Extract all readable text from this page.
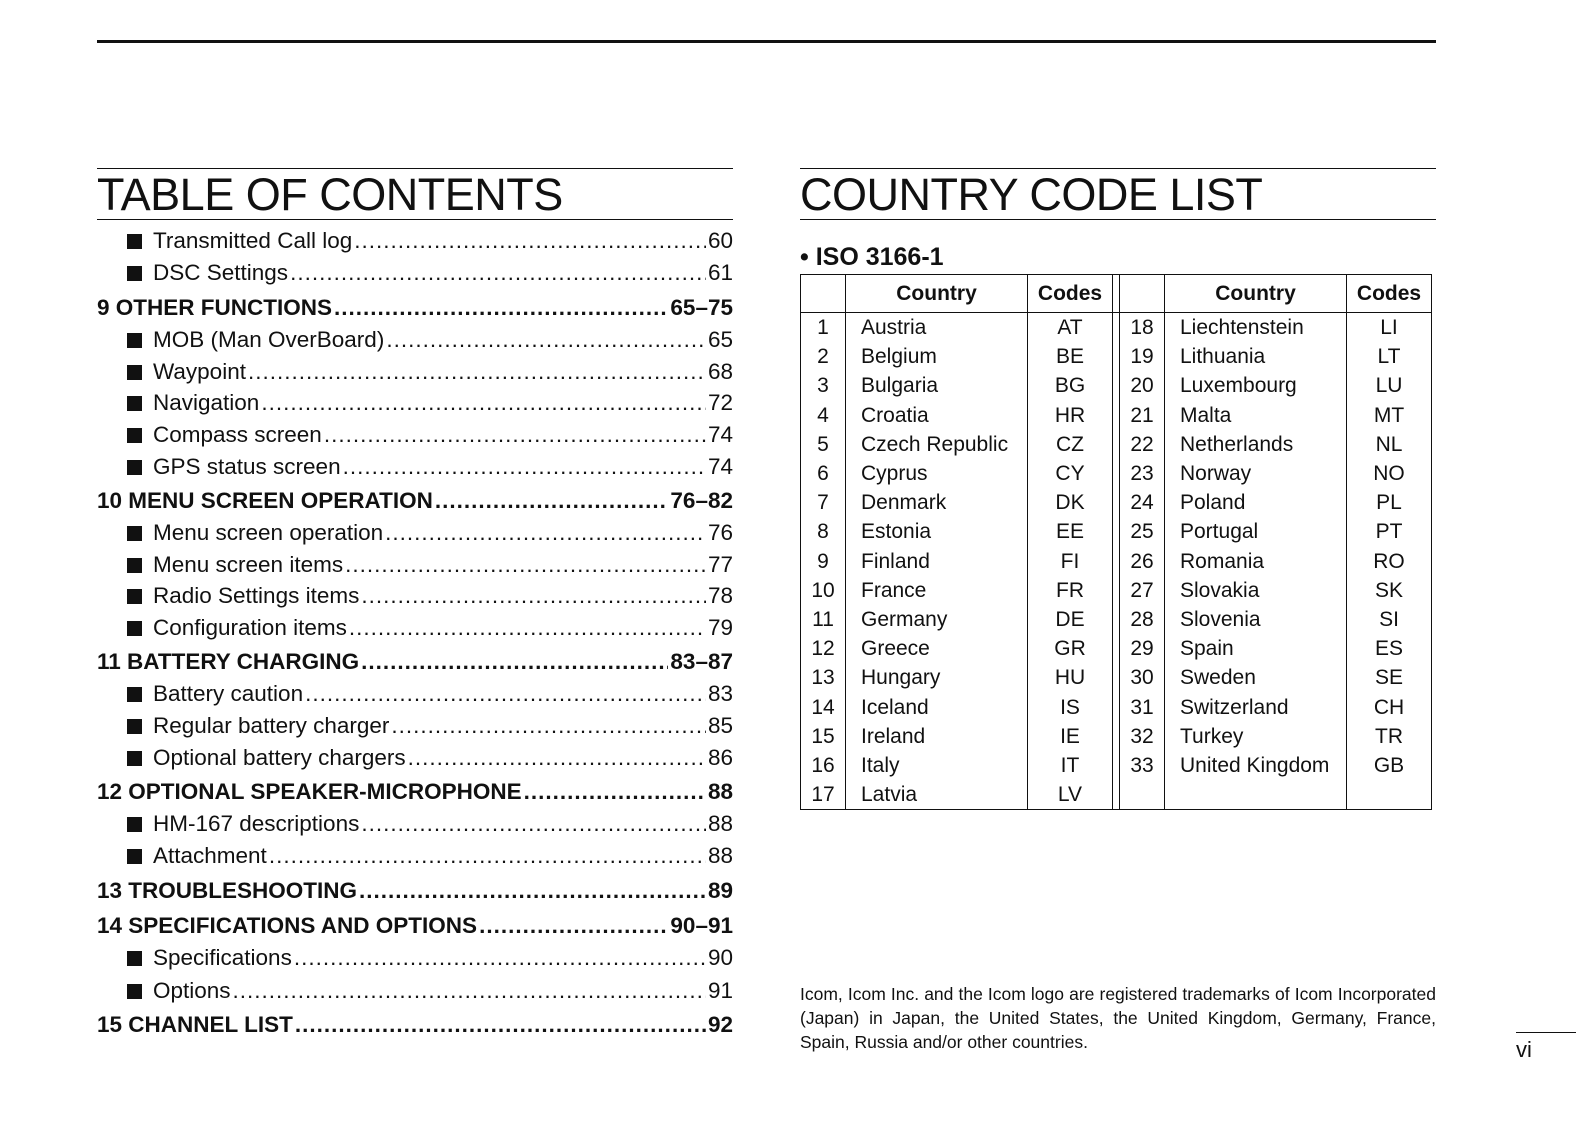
TABLE OF CONTENTS
Transmitted Call log .....	60
DSC Settings .....	61
9 OTHER FUNCTIONS .....	65–75
MOB (Man OverBoard) .....	65
Waypoint .....	68
Navigation .....	72
Compass screen .....	74
GPS status screen .....	74
10 MENU SCREEN OPERATION .....	76–82
Menu screen operation .....	76
Menu screen items .....	77
Radio Settings items .....	78
Configuration items .....	79
11 BATTERY CHARGING .....	83–87
Battery caution .....	83
Regular battery charger .....	85
Optional battery chargers .....	86
12 OPTIONAL SPEAKER-MICROPHONE .....	88
HM-167 descriptions .....	88
Attachment .....	88
13 TROUBLESHOOTING .....	89
14 SPECIFICATIONS AND OPTIONS .....	90–91
Specifications .....	90
Options .....	91
15 CHANNEL LIST .....	92
COUNTRY CODE LIST
• ISO 3166-1
	Country	Codes			Country	Codes
1	Austria	AT		18	Liechtenstein	LI
2	Belgium	BE		19	Lithuania	LT
3	Bulgaria	BG		20	Luxembourg	LU
4	Croatia	HR		21	Malta	MT
5	Czech Republic	CZ		22	Netherlands	NL
6	Cyprus	CY		23	Norway	NO
7	Denmark	DK		24	Poland	PL
8	Estonia	EE		25	Portugal	PT
9	Finland	FI		26	Romania	RO
10	France	FR		27	Slovakia	SK
11	Germany	DE		28	Slovenia	SI
12	Greece	GR		29	Spain	ES
13	Hungary	HU		30	Sweden	SE
14	Iceland	IS		31	Switzerland	CH
15	Ireland	IE		32	Turkey	TR
16	Italy	IT		33	United Kingdom	GB
17	Latvia	LV				

Icom, Icom Inc. and the Icom logo are registered trademarks of Icom Incorporated (Japan) in Japan, the United States, the United Kingdom, Germany, France, Spain, Russia and/or other countries.	vi
